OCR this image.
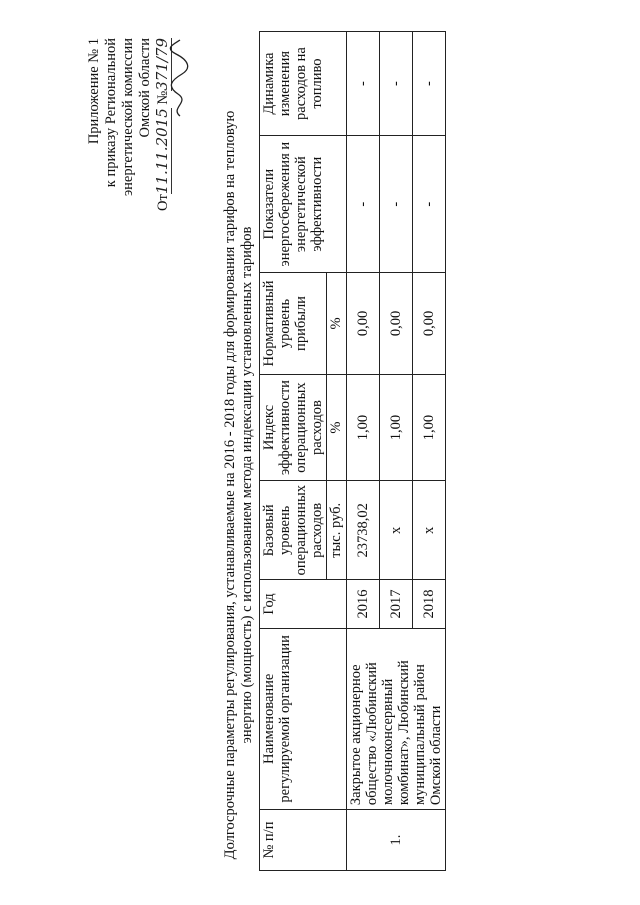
Приложение № 1 к приказу Региональной энергетической комиссии Омской области
От11.11.2015 №371/79
Долгосрочные параметры регулирования, устанавливаемые на 2016 - 2018 годы для формирования тарифов на тепловую энергию (мощность) с использованием метода индексации установленных тарифов
№ п/п	Наименование регулируемой организации	Год	Базовый уровень операционных расходов	Индекс эффективности операционных расходов	Нормативный уровень прибыли	Показатели энергосбережения и энергетической эффективности	Динамика изменения расходов на топливо
			тыс. руб.	%	%		
1.	Закрытое акционерное общество «Любинский молочноконсервный комбинат», Любинский муниципальный район Омской области	2016	23738,02	1,00	0,00	-	-
		2017	x	1,00	0,00	-	-
		2018	x	1,00	0,00	-	-
